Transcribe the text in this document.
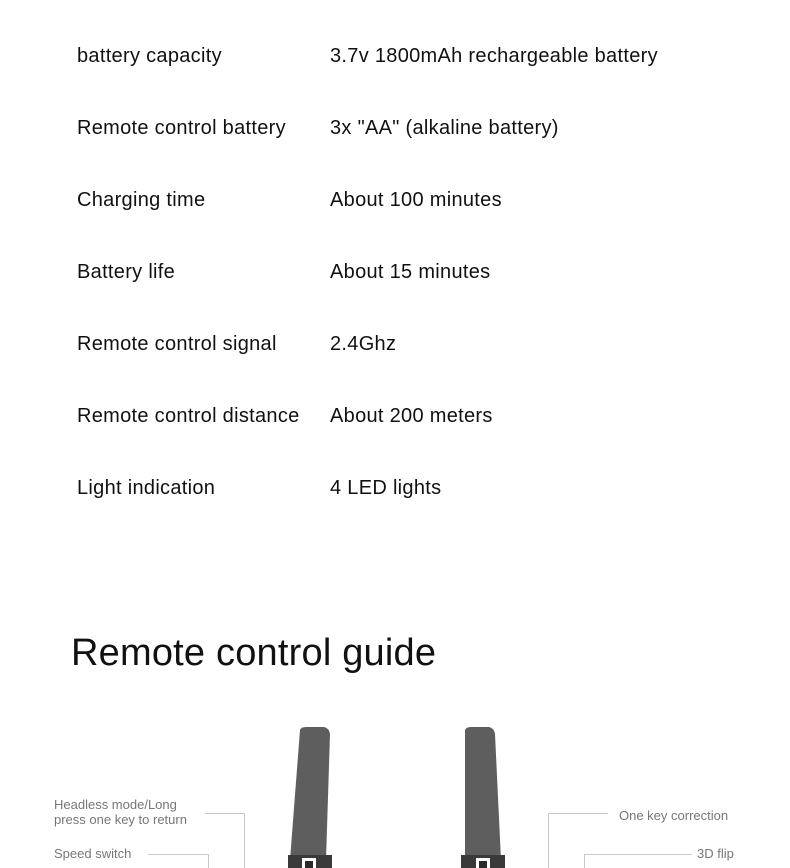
battery capacity	3.7v 1800mAh rechargeable battery
Remote control battery 3x "AA" (alkaline battery)
Charging time	About 100 minutes
Battery life	About 15 minutes
Remote control signal	2.4Ghz
Remote control distance About 200 meters
Light indication	4 LED lights
Remote control guide
Headless mode/Long
press one key to return
Speed switch
One key correction
3D flip
